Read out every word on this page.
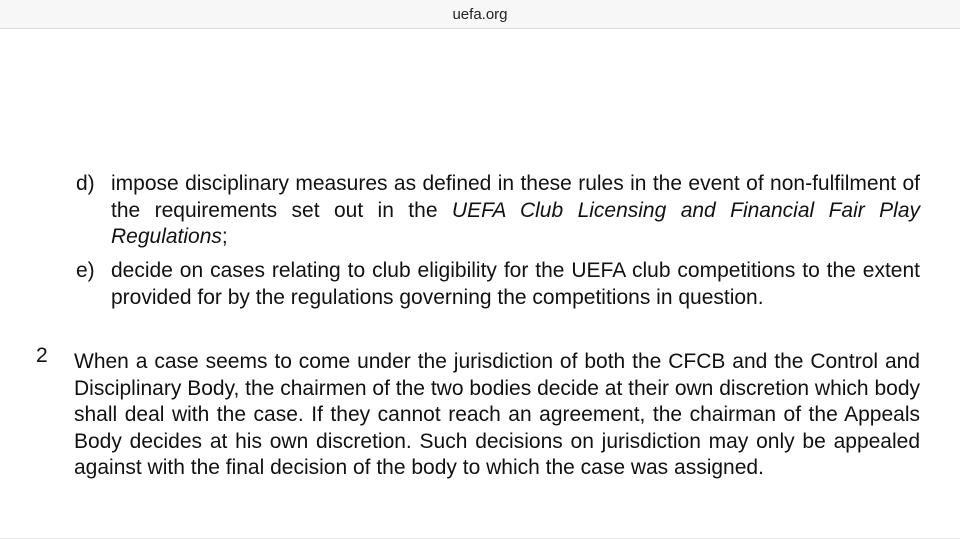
uefa.org
d) impose disciplinary measures as defined in these rules in the event of non-fulfilment of the requirements set out in the UEFA Club Licensing and Financial Fair Play Regulations;
e) decide on cases relating to club eligibility for the UEFA club competitions to the extent provided for by the regulations governing the competitions in question.
2 When a case seems to come under the jurisdiction of both the CFCB and the Control and Disciplinary Body, the chairmen of the two bodies decide at their own discretion which body shall deal with the case. If they cannot reach an agreement, the chairman of the Appeals Body decides at his own discretion. Such decisions on jurisdiction may only be appealed against with the final decision of the body to which the case was assigned.
